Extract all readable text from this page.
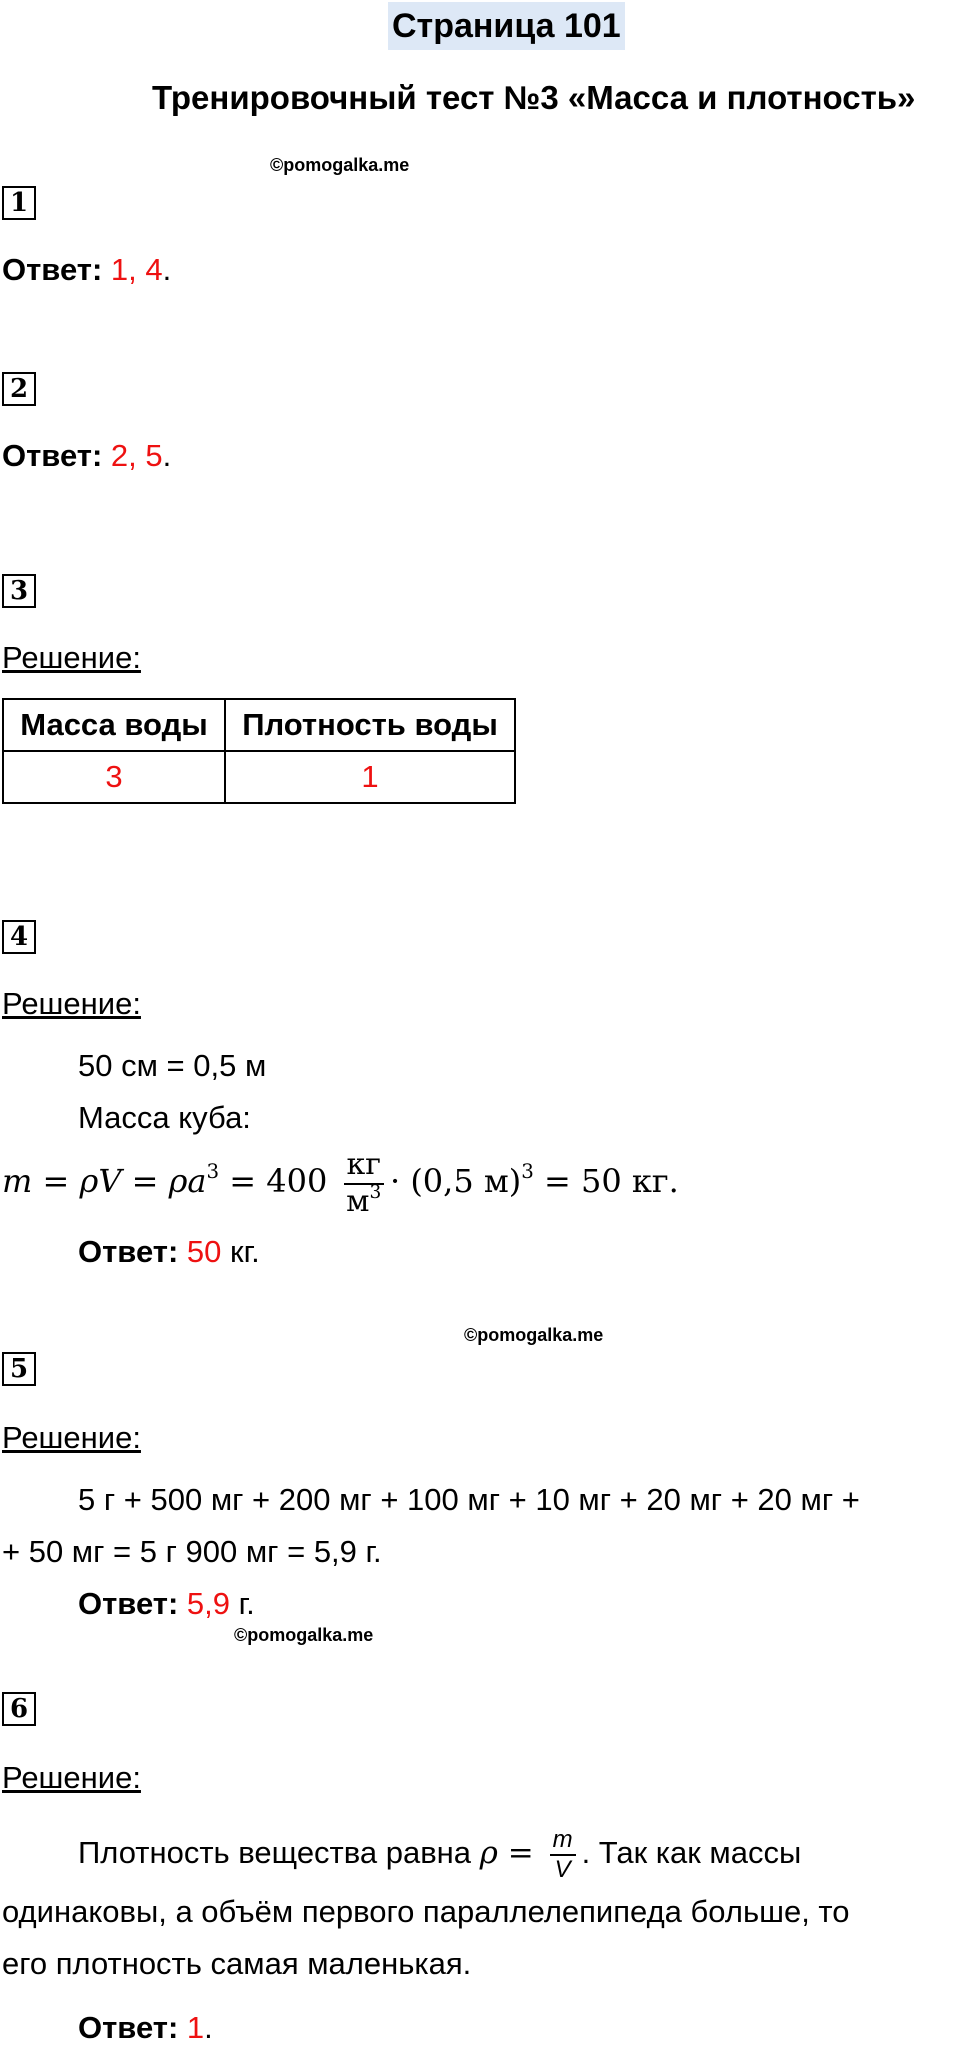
Страница 101
Тренировочный тест №3 «Масса и плотность»
©pomogalka.me
1
Ответ: 1, 4.
2
Ответ: 2, 5.
3
Решение:
Масса воды	Плотность воды
3	1
4
Решение:
50 см = 0,5 м
Масса куба:
$m = \rho V = \rho a^3 = 400 \frac{кг}{м^3} \cdot (0,5$ м)$^3$ = 50 кг.
Ответ: 50 кг.
©pomogalka.me
5
Решение:
5 г + 500 мг + 200 мг + 100 мг + 10 мг + 20 мг + 20 мг +
+ 50 мг = 5 г 900 мг = 5,9 г.
Ответ: 5,9 г.
©pomogalka.me
6
Решение:
Плотность вещества равна $\rho = \frac{m}{V}$ . Так как массы
одинаковы, а объём первого параллелепипеда больше, то
его плотность самая маленькая.
Ответ: 1.
